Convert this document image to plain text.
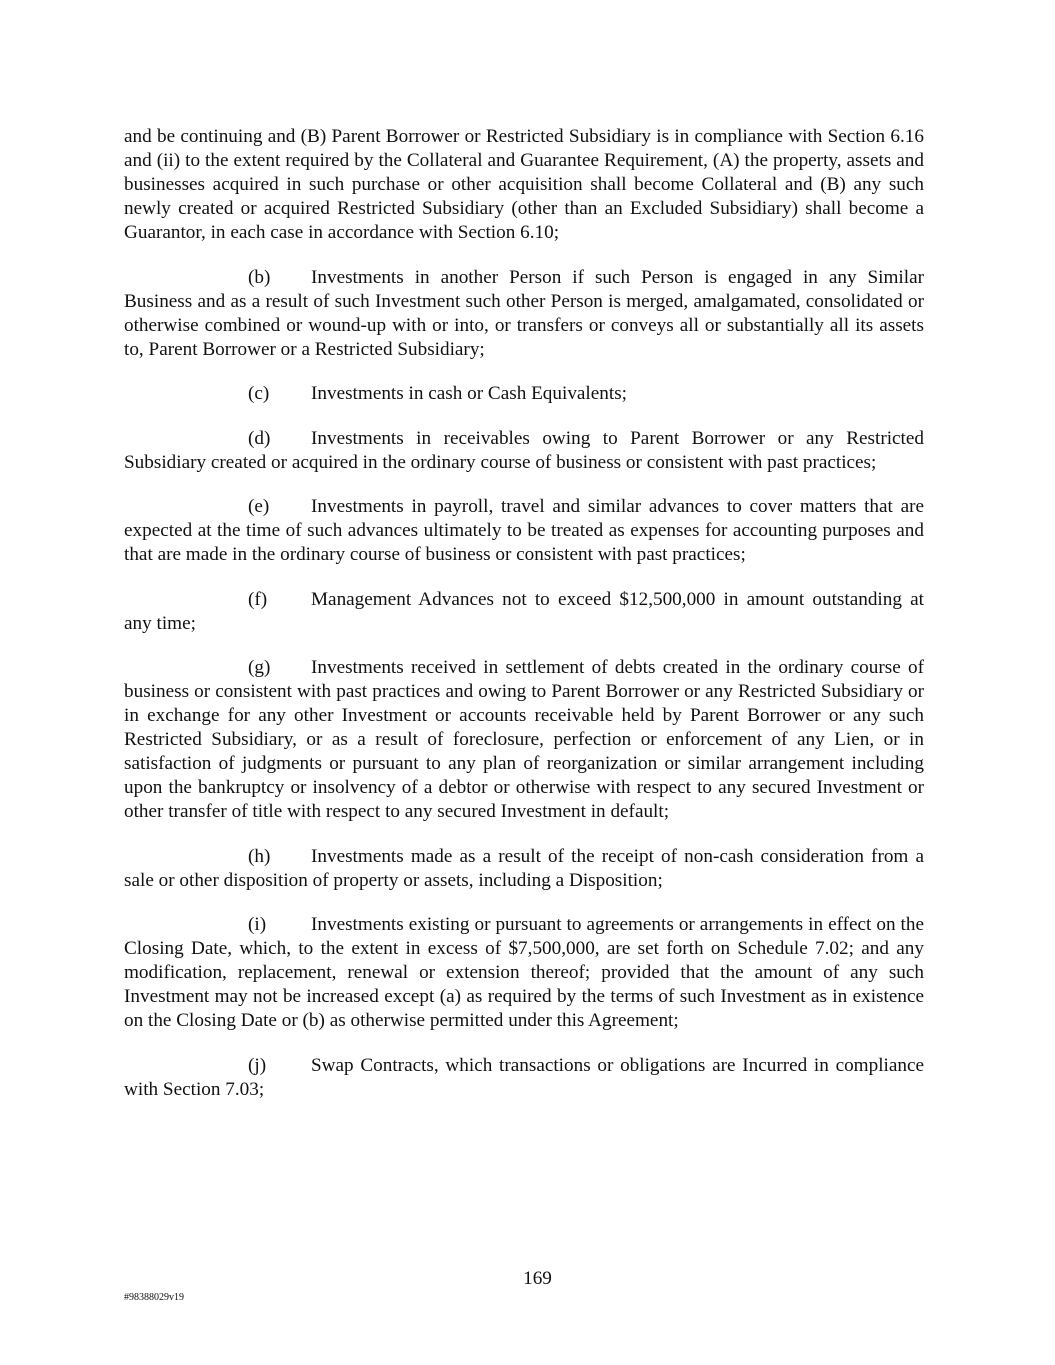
and be continuing and (B) Parent Borrower or Restricted Subsidiary is in compliance with Section 6.16 and (ii) to the extent required by the Collateral and Guarantee Requirement, (A) the property, assets and businesses acquired in such purchase or other acquisition shall become Collateral and (B) any such newly created or acquired Restricted Subsidiary (other than an Excluded Subsidiary) shall become a Guarantor, in each case in accordance with Section 6.10;

(b) Investments in another Person if such Person is engaged in any Similar Business and as a result of such Investment such other Person is merged, amalgamated, consolidated or otherwise combined or wound-up with or into, or transfers or conveys all or substantially all its assets to, Parent Borrower or a Restricted Subsidiary;

(c) Investments in cash or Cash Equivalents;

(d) Investments in receivables owing to Parent Borrower or any Restricted Subsidiary created or acquired in the ordinary course of business or consistent with past practices;

(e) Investments in payroll, travel and similar advances to cover matters that are expected at the time of such advances ultimately to be treated as expenses for accounting purposes and that are made in the ordinary course of business or consistent with past practices;

(f) Management Advances not to exceed $12,500,000 in amount outstanding at any time;

(g) Investments received in settlement of debts created in the ordinary course of business or consistent with past practices and owing to Parent Borrower or any Restricted Subsidiary or in exchange for any other Investment or accounts receivable held by Parent Borrower or any such Restricted Subsidiary, or as a result of foreclosure, perfection or enforcement of any Lien, or in satisfaction of judgments or pursuant to any plan of reorganization or similar arrangement including upon the bankruptcy or insolvency of a debtor or otherwise with respect to any secured Investment or other transfer of title with respect to any secured Investment in default;

(h) Investments made as a result of the receipt of non-cash consideration from a sale or other disposition of property or assets, including a Disposition;

(i) Investments existing or pursuant to agreements or arrangements in effect on the Closing Date, which, to the extent in excess of $7,500,000, are set forth on Schedule 7.02; and any modification, replacement, renewal or extension thereof; provided that the amount of any such Investment may not be increased except (a) as required by the terms of such Investment as in existence on the Closing Date or (b) as otherwise permitted under this Agreement;

(j) Swap Contracts, which transactions or obligations are Incurred in compliance with Section 7.03;

169
#98388029v19
